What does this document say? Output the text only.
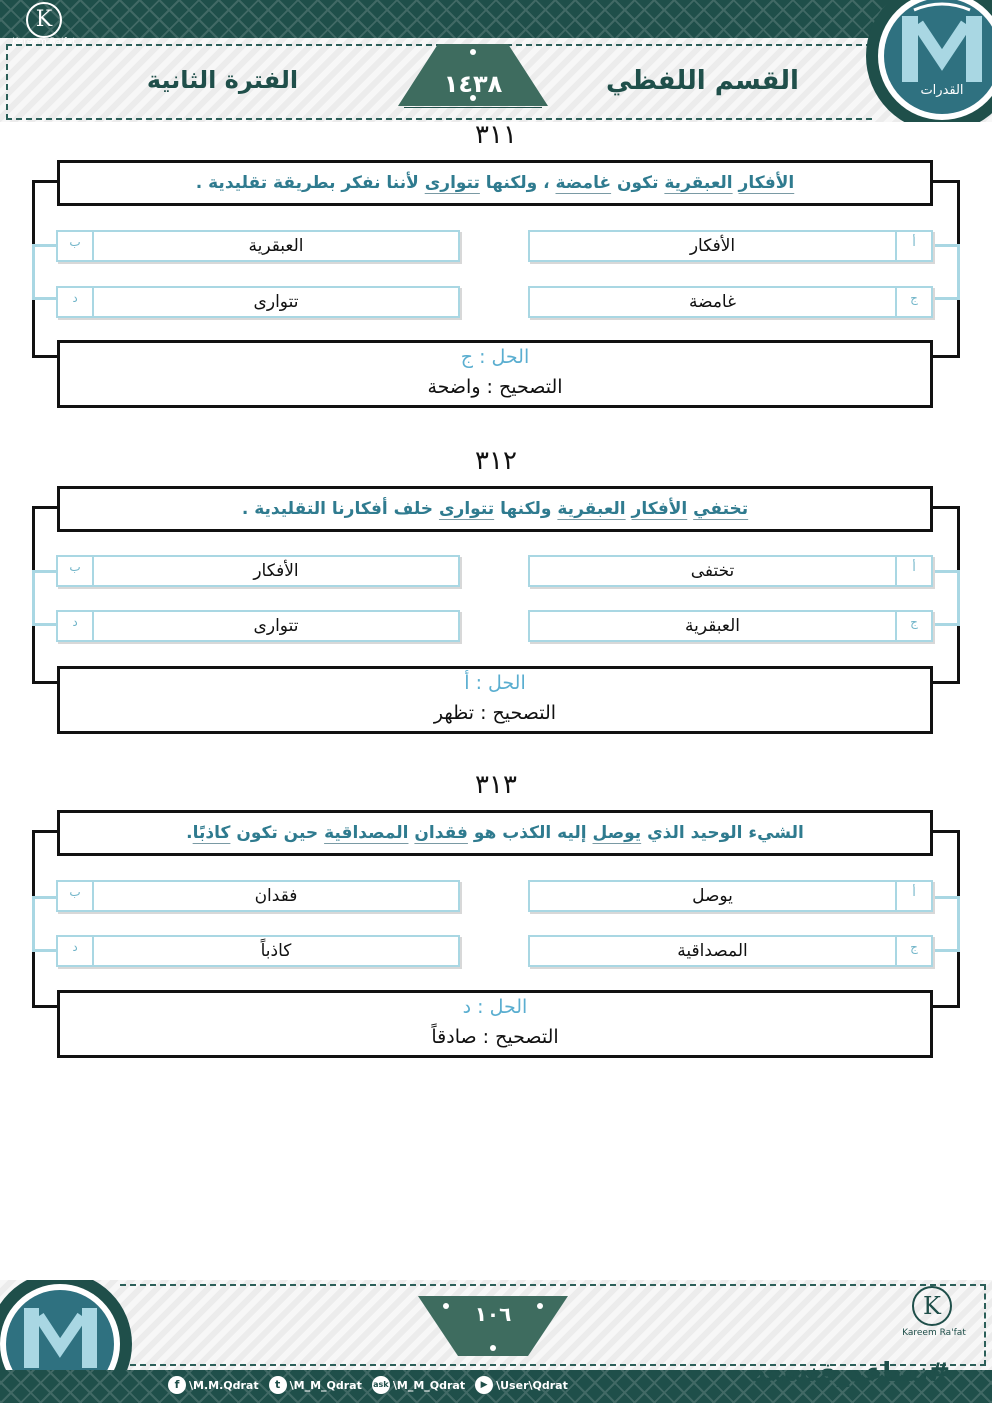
K
Kareem Ra'fat
الفترة الثانية	١٤٣٨	القسم اللفظي	القدرات
٣١١
الأفكار العبقرية تكون غامضة ، ولكنها تتوارى لأننا نفكر بطريقة تقليدية .
الأفكار	أ
ب	العبقرية
غامضة	ج
د	تتوارى
الحل : ج
التصحيح : واضحة
٣١٢
تختفي الأفكار العبقرية ولكنها تتوارى خلف أفكارنا التقليدية .
تختفى	أ
ب	الأفكار
العبقرية	ج
د	تتوارى
الحل : أ
التصحيح : تظهر
٣١٣
الشيء الوحيد الذي يوصل إليه الكذب هو فقدان المصداقية حين تكون كاذبًا.
يوصل	أ
ب	فقدان
المصداقية	ج
د	كاذباً
الحل : د
التصحيح : صادقاً
١٠٦	K
Kareem Ra'fat
f \M.M.Qdrat	t \M_M_Qdrat ask \M_M_Qdrat	▶ \User\Qdrat	#نساعد_فنسعد
